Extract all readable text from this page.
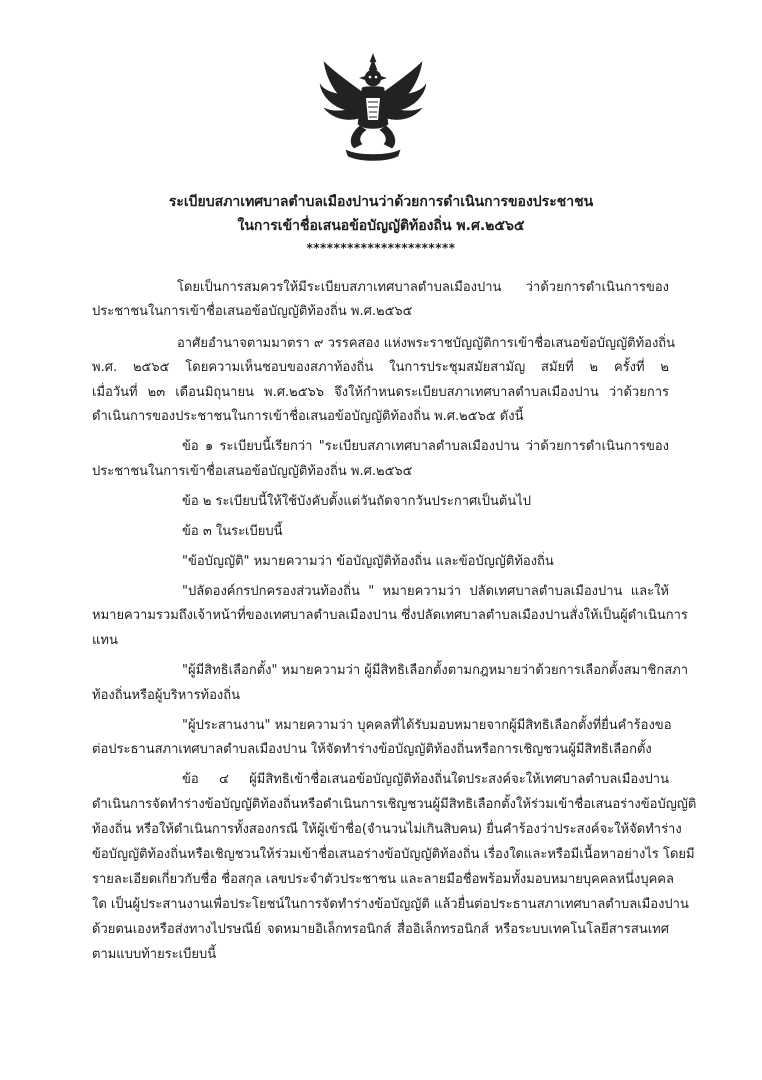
ระเบียบสภาเทศบาลตำบลเมืองปานว่าด้วยการดำเนินการของประชาชน
ในการเข้าชื่อเสนอข้อบัญญัติท้องถิ่น พ.ศ.๒๕๖๕
**********************
โดยเป็นการสมควรให้มีระเบียบสภาเทศบาลตำบลเมืองปาน ว่าด้วยการดำเนินการของ
ประชาชนในการเข้าชื่อเสนอข้อบัญญัติท้องถิ่น พ.ศ.๒๕๖๕
อาศัยอำนาจตามมาตรา ๙ วรรคสอง แห่งพระราชบัญญัติการเข้าชื่อเสนอข้อบัญญัติท้องถิ่น
พ.ศ. ๒๕๖๕ โดยความเห็นชอบของสภาท้องถิ่น ในการประชุมสมัยสามัญ สมัยที่ ๒ ครั้งที่ ๒
เมื่อวันที่ ๒๓ เดือนมิถุนายน พ.ศ.๒๕๖๖ จึงให้กำหนดระเบียบสภาเทศบาลตำบลเมืองปาน ว่าด้วยการ
ดำเนินการของประชาชนในการเข้าชื่อเสนอข้อบัญญัติท้องถิ่น พ.ศ.๒๕๖๕ ดังนี้
ข้อ ๑ ระเบียบนี้เรียกว่า "ระเบียบสภาเทศบาลตำบลเมืองปาน ว่าด้วยการดำเนินการของ
ประชาชนในการเข้าชื่อเสนอข้อบัญญัติท้องถิ่น พ.ศ.๒๕๖๕
ข้อ ๒ ระเบียบนี้ให้ใช้บังคับตั้งแต่วันถัดจากวันประกาศเป็นต้นไป
ข้อ ๓ ในระเบียบนี้
"ข้อบัญญัติ" หมายความว่า ข้อบัญญัติท้องถิ่น และข้อบัญญัติท้องถิ่น
"ปลัดองค์กรปกครองส่วนท้องถิ่น " หมายความว่า ปลัดเทศบาลตำบลเมืองปาน และให้
หมายความรวมถึงเจ้าหน้าที่ของเทศบาลตำบลเมืองปาน ซึ่งปลัดเทศบาลตำบลเมืองปานสั่งให้เป็นผู้ดำเนินการ
แทน
"ผู้มีสิทธิเลือกตั้ง" หมายความว่า ผู้มีสิทธิเลือกตั้งตามกฎหมายว่าด้วยการเลือกตั้งสมาชิกสภา
ท้องถิ่นหรือผู้บริหารท้องถิ่น
"ผู้ประสานงาน" หมายความว่า บุคคลที่ได้รับมอบหมายจากผู้มีสิทธิเลือกตั้งที่ยื่นคำร้องขอ
ต่อประธานสภาเทศบาลตำบลเมืองปาน ให้จัดทำร่างข้อบัญญัติท้องถิ่นหรือการเชิญชวนผู้มีสิทธิเลือกตั้ง
ข้อ ๔ ผู้มีสิทธิเข้าชื่อเสนอข้อบัญญัติท้องถิ่นใดประสงค์จะให้เทศบาลตำบลเมืองปาน
ดำเนินการจัดทำร่างข้อบัญญัติท้องถิ่นหรือดำเนินการเชิญชวนผู้มีสิทธิเลือกตั้งให้ร่วมเข้าชื่อเสนอร่างข้อบัญญัติ
ท้องถิ่น หรือให้ดำเนินการทั้งสองกรณี ให้ผู้เข้าชื่อ(จำนวนไม่เกินสิบคน) ยื่นคำร้องว่าประสงค์จะให้จัดทำร่าง
ข้อบัญญัติท้องถิ่นหรือเชิญชวนให้ร่วมเข้าชื่อเสนอร่างข้อบัญญัติท้องถิ่น เรื่องใดและหรือมีเนื้อหาอย่างไร โดยมี
รายละเอียดเกี่ยวกับชื่อ ชื่อสกุล เลขประจำตัวประชาชน และลายมือชื่อพร้อมทั้งมอบหมายบุคคลหนึ่งบุคคล
ใด เป็นผู้ประสานงานเพื่อประโยชน์ในการจัดทำร่างข้อบัญญัติ แล้วยื่นต่อประธานสภาเทศบาลตำบลเมืองปาน
ด้วยตนเองหรือส่งทางไปรษณีย์ จดหมายอิเล็กทรอนิกส์ สื่ออิเล็กทรอนิกส์ หรือระบบเทคโนโลยีสารสนเทศ
ตามแบบท้ายระเบียบนี้
